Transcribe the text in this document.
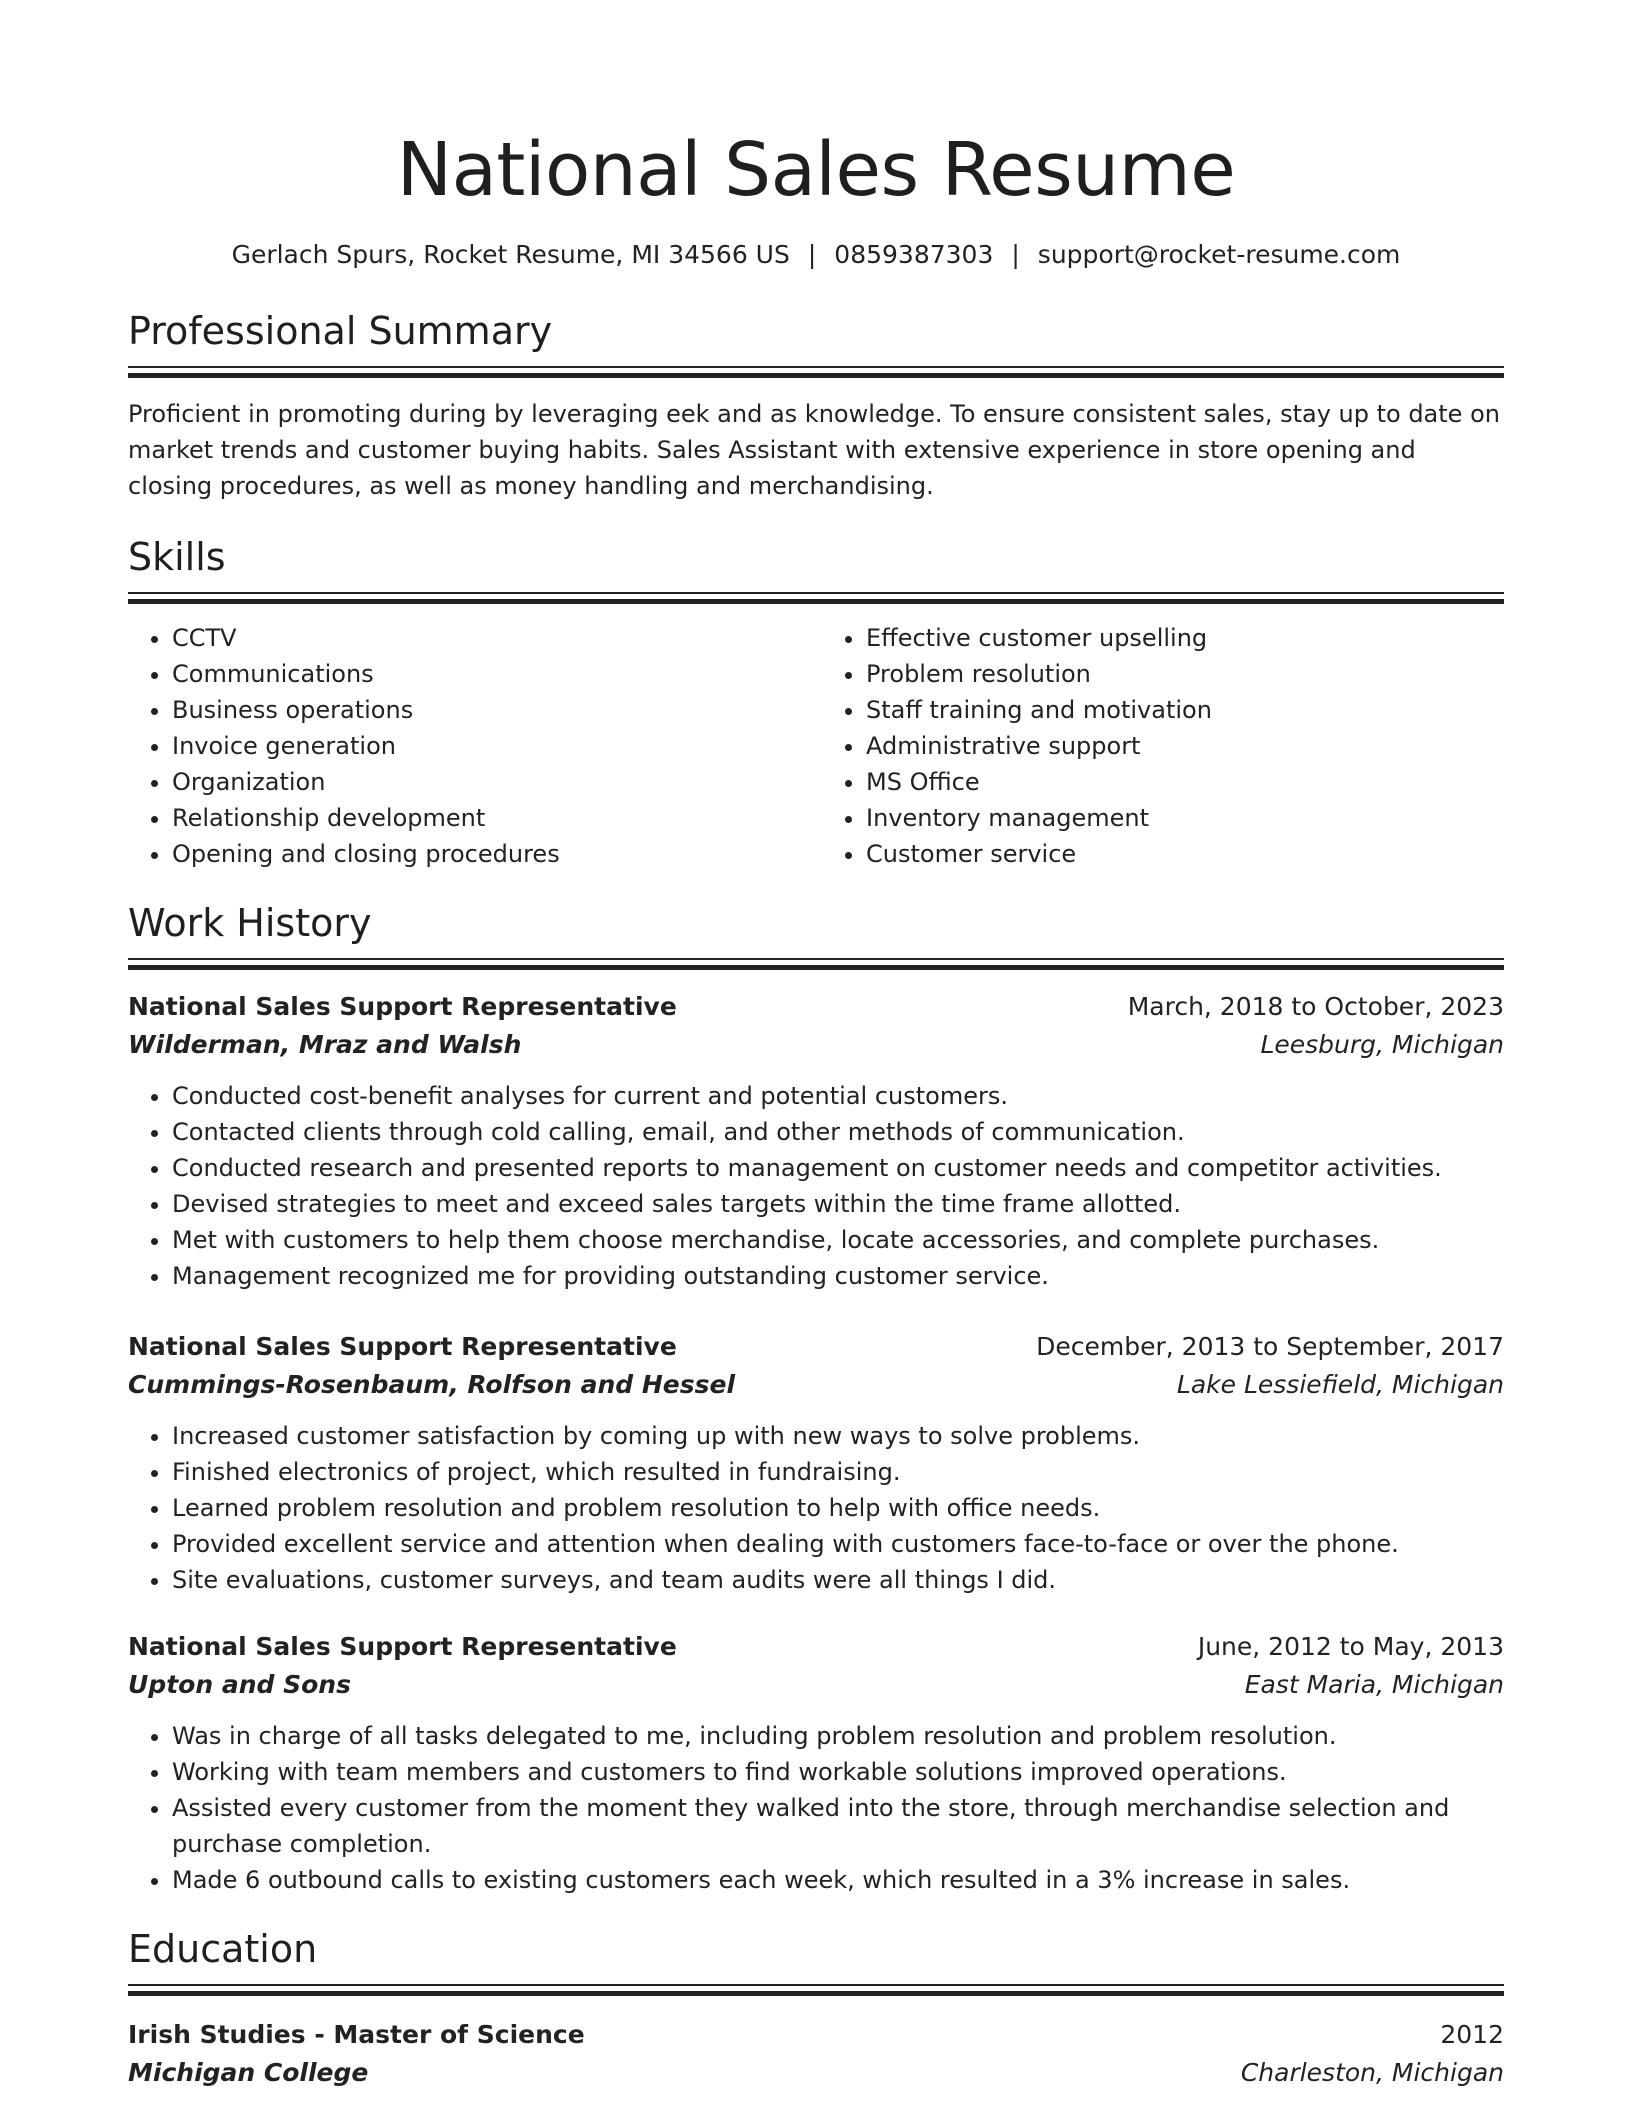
National Sales Resume
Gerlach Spurs, Rocket Resume, MI 34566 US | 0859387303 | support@rocket-resume.com
Professional Summary

Proficient in promoting during by leveraging eek and as knowledge. To ensure consistent sales, stay up to date on market trends and customer buying habits. Sales Assistant with extensive experience in store opening and closing procedures, as well as money handling and merchandising.

Skills
• CCTV
• Communications
• Business operations
• Invoice generation
• Organization
• Relationship development
• Opening and closing procedures
• Effective customer upselling
• Problem resolution
• Staff training and motivation
• Administrative support
• MS Office
• Inventory management
• Customer service
Work History
National Sales Support Representative	March, 2018 to October, 2023
Wilderman, Mraz and Walsh	Leesburg, Michigan
• Conducted cost-benefit analyses for current and potential customers.
• Contacted clients through cold calling, email, and other methods of communication.
• Conducted research and presented reports to management on customer needs and competitor activities.
• Devised strategies to meet and exceed sales targets within the time frame allotted.
• Met with customers to help them choose merchandise, locate accessories, and complete purchases.
• Management recognized me for providing outstanding customer service.
National Sales Support Representative	December, 2013 to September, 2017
Cummings-Rosenbaum, Rolfson and Hessel	Lake Lessiefield, Michigan
• Increased customer satisfaction by coming up with new ways to solve problems.
• Finished electronics of project, which resulted in fundraising.
• Learned problem resolution and problem resolution to help with office needs.
• Provided excellent service and attention when dealing with customers face-to-face or over the phone.
• Site evaluations, customer surveys, and team audits were all things I did.
National Sales Support Representative	June, 2012 to May, 2013
Upton and Sons	East Maria, Michigan
• Was in charge of all tasks delegated to me, including problem resolution and problem resolution.
• Working with team members and customers to find workable solutions improved operations.
• Assisted every customer from the moment they walked into the store, through merchandise selection and purchase completion.
• Made 6 outbound calls to existing customers each week, which resulted in a 3% increase in sales.
Education
Irish Studies - Master of Science	2012
Michigan College	Charleston, Michigan
